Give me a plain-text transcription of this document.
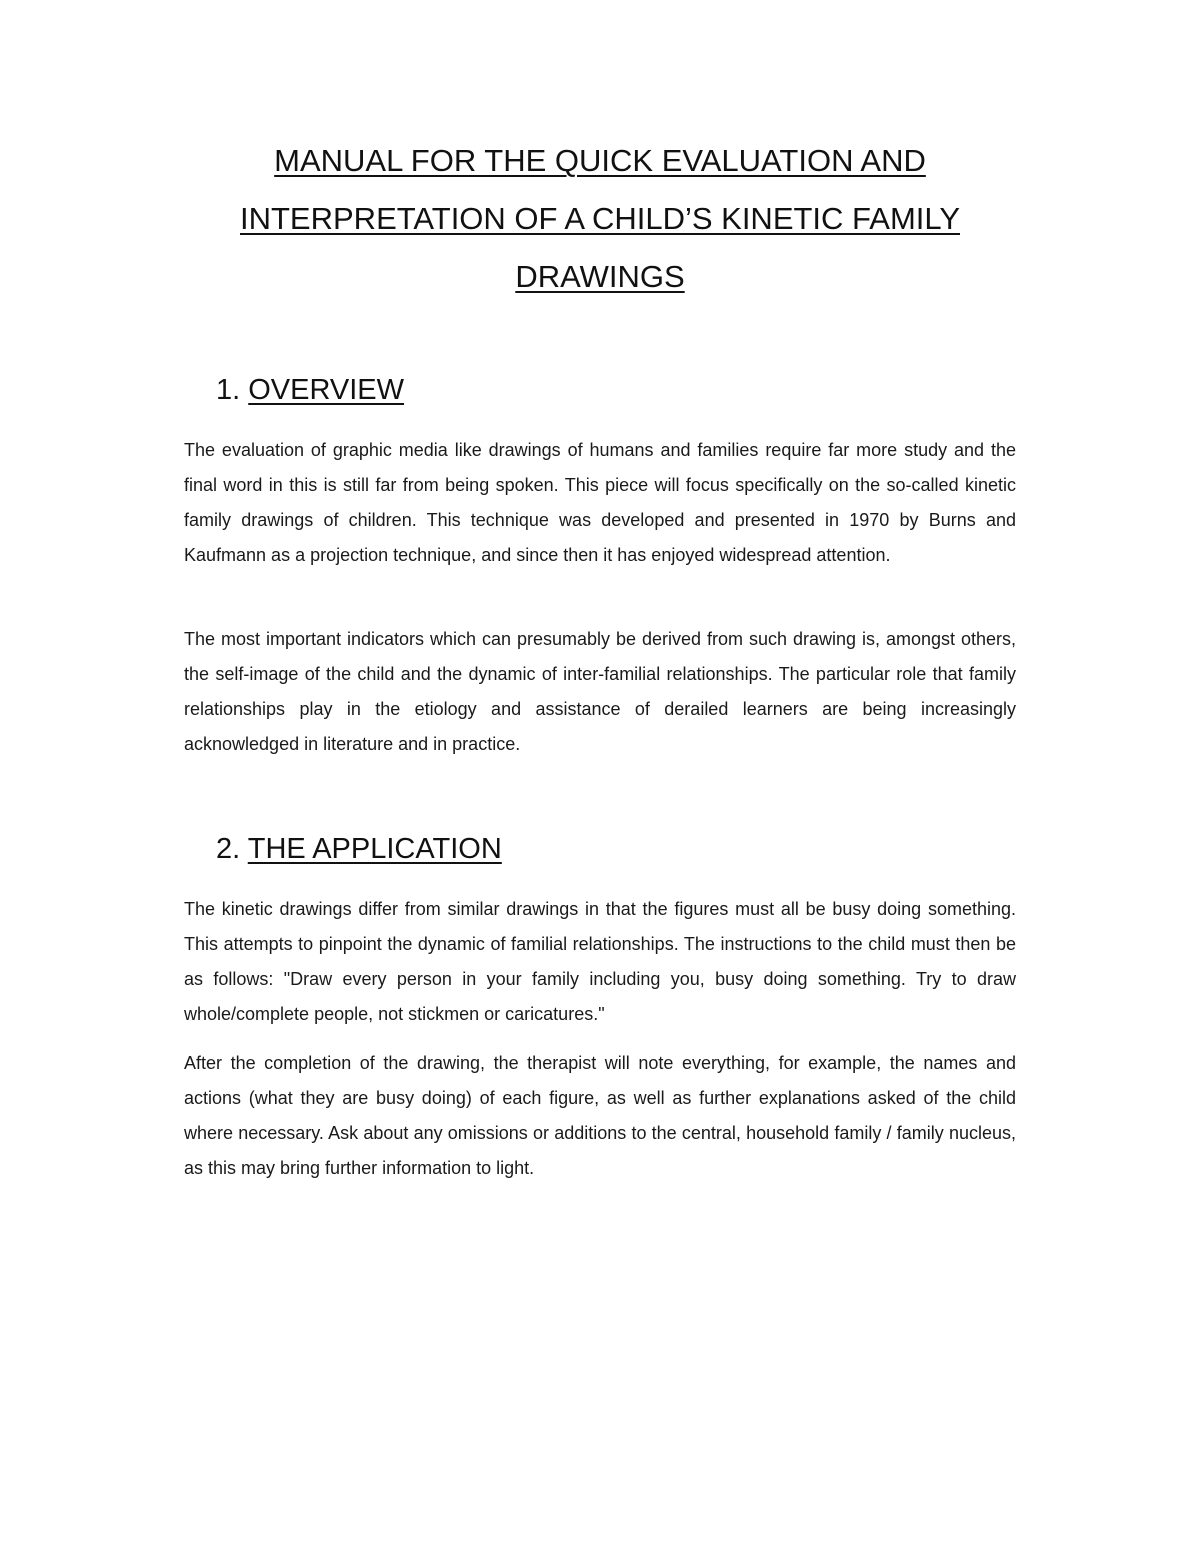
MANUAL FOR THE QUICK EVALUATION AND
INTERPRETATION OF A CHILD’S KINETIC FAMILY
DRAWINGS
1. OVERVIEW

The evaluation of graphic media like drawings of humans and families require far more study and the final word in this is still far from being spoken. This piece will focus specifically on the so-called kinetic family drawings of children. This technique was developed and presented in 1970 by Burns and Kaufmann as a projection technique, and since then it has enjoyed widespread attention.

The most important indicators which can presumably be derived from such drawing is, amongst others, the self-image of the child and the dynamic of inter-familial relationships. The particular role that family relationships play in the etiology and assistance of derailed learners are being increasingly acknowledged in literature and in practice.

2. THE APPLICATION

The kinetic drawings differ from similar drawings in that the figures must all be busy doing something. This attempts to pinpoint the dynamic of familial relationships. The instructions to the child must then be as follows: "Draw every person in your family including you, busy doing something. Try to draw whole/complete people, not stickmen or caricatures."

After the completion of the drawing, the therapist will note everything, for example, the names and actions (what they are busy doing) of each figure, as well as further explanations asked of the child where necessary. Ask about any omissions or additions to the central, household family / family nucleus, as this may bring further information to light.
